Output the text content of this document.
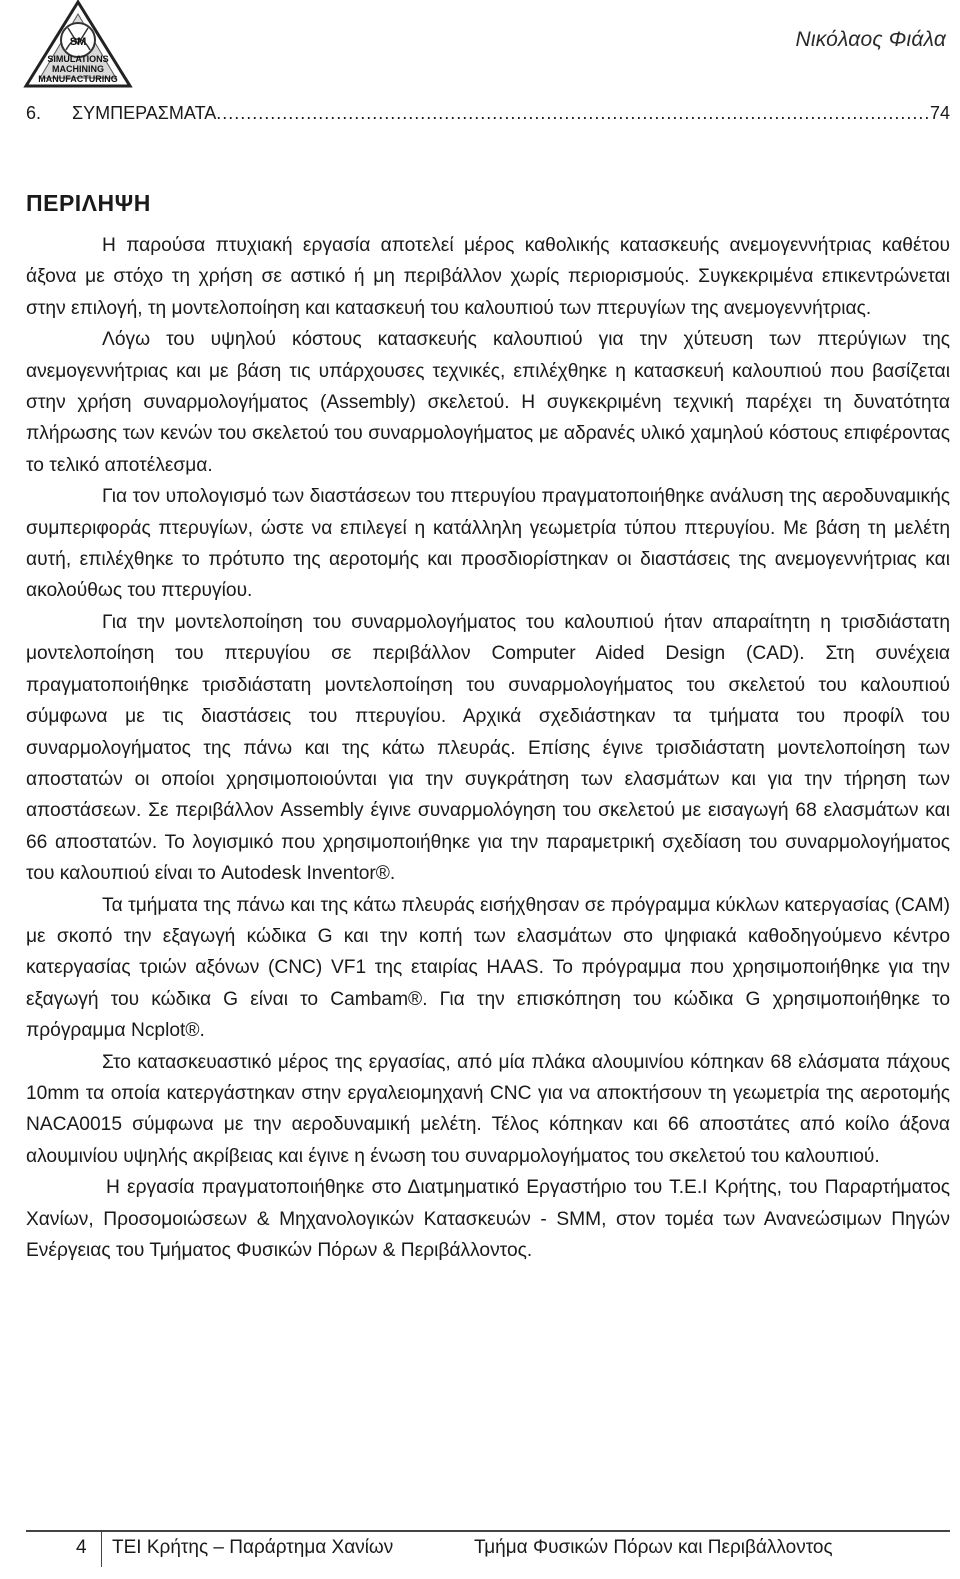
SM
SIMULATIONS
MACHINING
MANUFACTURING
Νικόλαος Φιάλα
6.	ΣΥΜΠΕΡΑΣΜΑΤΑ
.....	74
ΠΕΡΙΛΗΨΗ

Η παρούσα πτυχιακή εργασία αποτελεί μέρος καθολικής κατασκευής ανεμογεννήτριας καθέτου άξονα με στόχο τη χρήση σε αστικό ή μη περιβάλλον χωρίς περιορισμούς. Συγκεκριμένα επικεντρώνεται στην επιλογή, τη μοντελοποίηση και κατασκευή του καλουπιού των πτερυγίων της ανεμογεννήτριας.

Λόγω του υψηλού κόστους κατασκευής καλουπιού για την χύτευση των πτερύγιων της ανεμογεννήτριας και με βάση τις υπάρχουσες τεχνικές, επιλέχθηκε η κατασκευή καλουπιού που βασίζεται στην χρήση συναρμολογήματος (Assembly) σκελετού. Η συγκεκριμένη τεχνική παρέχει τη δυνατότητα πλήρωσης των κενών του σκελετού του συναρμολογήματος με αδρανές υλικό χαμηλού κόστους επιφέροντας το τελικό αποτέλεσμα.

Για τον υπολογισμό των διαστάσεων του πτερυγίου πραγματοποιήθηκε ανάλυση της αεροδυναμικής συμπεριφοράς πτερυγίων, ώστε να επιλεγεί η κατάλληλη γεωμετρία τύπου πτερυγίου. Με βάση τη μελέτη αυτή, επιλέχθηκε το πρότυπο της αεροτομής και προσδιορίστηκαν οι διαστάσεις της ανεμογεννήτριας και ακολούθως του πτερυγίου.

Για την μοντελοποίηση του συναρμολογήματος του καλουπιού ήταν απαραίτητη η τρισδιάστατη μοντελοποίηση του πτερυγίου σε περιβάλλον Computer Aided Design (CAD). Στη συνέχεια πραγματοποιήθηκε τρισδιάστατη μοντελοποίηση του συναρμολογήματος του σκελετού του καλουπιού σύμφωνα με τις διαστάσεις του πτερυγίου. Αρχικά σχεδιάστηκαν τα τμήματα του προφίλ του συναρμολογήματος της πάνω και της κάτω πλευράς. Επίσης έγινε τρισδιάστατη μοντελοποίηση των αποστατών οι οποίοι χρησιμοποιούνται για την συγκράτηση των ελασμάτων και για την τήρηση των αποστάσεων. Σε περιβάλλον Assembly έγινε συναρμολόγηση του σκελετού με εισαγωγή 68 ελασμάτων και 66 αποστατών. Το λογισμικό που χρησιμοποιήθηκε για την παραμετρική σχεδίαση του συναρμολογήματος του καλουπιού είναι το Autodesk Inventor®.

Τα τμήματα της πάνω και της κάτω πλευράς εισήχθησαν σε πρόγραμμα κύκλων κατεργασίας (CAM) με σκοπό την εξαγωγή κώδικα G και την κοπή των ελασμάτων στο ψηφιακά καθοδηγούμενο κέντρο κατεργασίας τριών αξόνων (CNC) VF1 της εταιρίας HAAS. Το πρόγραμμα που χρησιμοποιήθηκε για την εξαγωγή του κώδικα G είναι το Cambam®. Για την επισκόπηση του κώδικα G χρησιμοποιήθηκε το πρόγραμμα Ncplot®.

Στο κατασκευαστικό μέρος της εργασίας, από μία πλάκα αλουμινίου κόπηκαν 68 ελάσματα πάχους 10mm τα οποία κατεργάστηκαν στην εργαλειομηχανή CNC για να αποκτήσουν τη γεωμετρία της αεροτομής NACA0015 σύμφωνα με την αεροδυναμική μελέτη. Τέλος κόπηκαν και 66 αποστάτες από κοίλο άξονα αλουμινίου υψηλής ακρίβειας και έγινε η ένωση του συναρμολογήματος του σκελετού του καλουπιού.

Η εργασία πραγματοποιήθηκε στο Διατμηματικό Εργαστήριο του Τ.Ε.Ι Κρήτης, του Παραρτήματος Χανίων, Προσομοιώσεων & Μηχανολογικών Κατασκευών - SMM, στον τομέα των Ανανεώσιμων Πηγών Ενέργειας του Τμήματος Φυσικών Πόρων & Περιβάλλοντος.

4 ΤΕΙ Κρήτης – Παράρτημα Χανίων	Τμήμα Φυσικών Πόρων και Περιβάλλοντος
